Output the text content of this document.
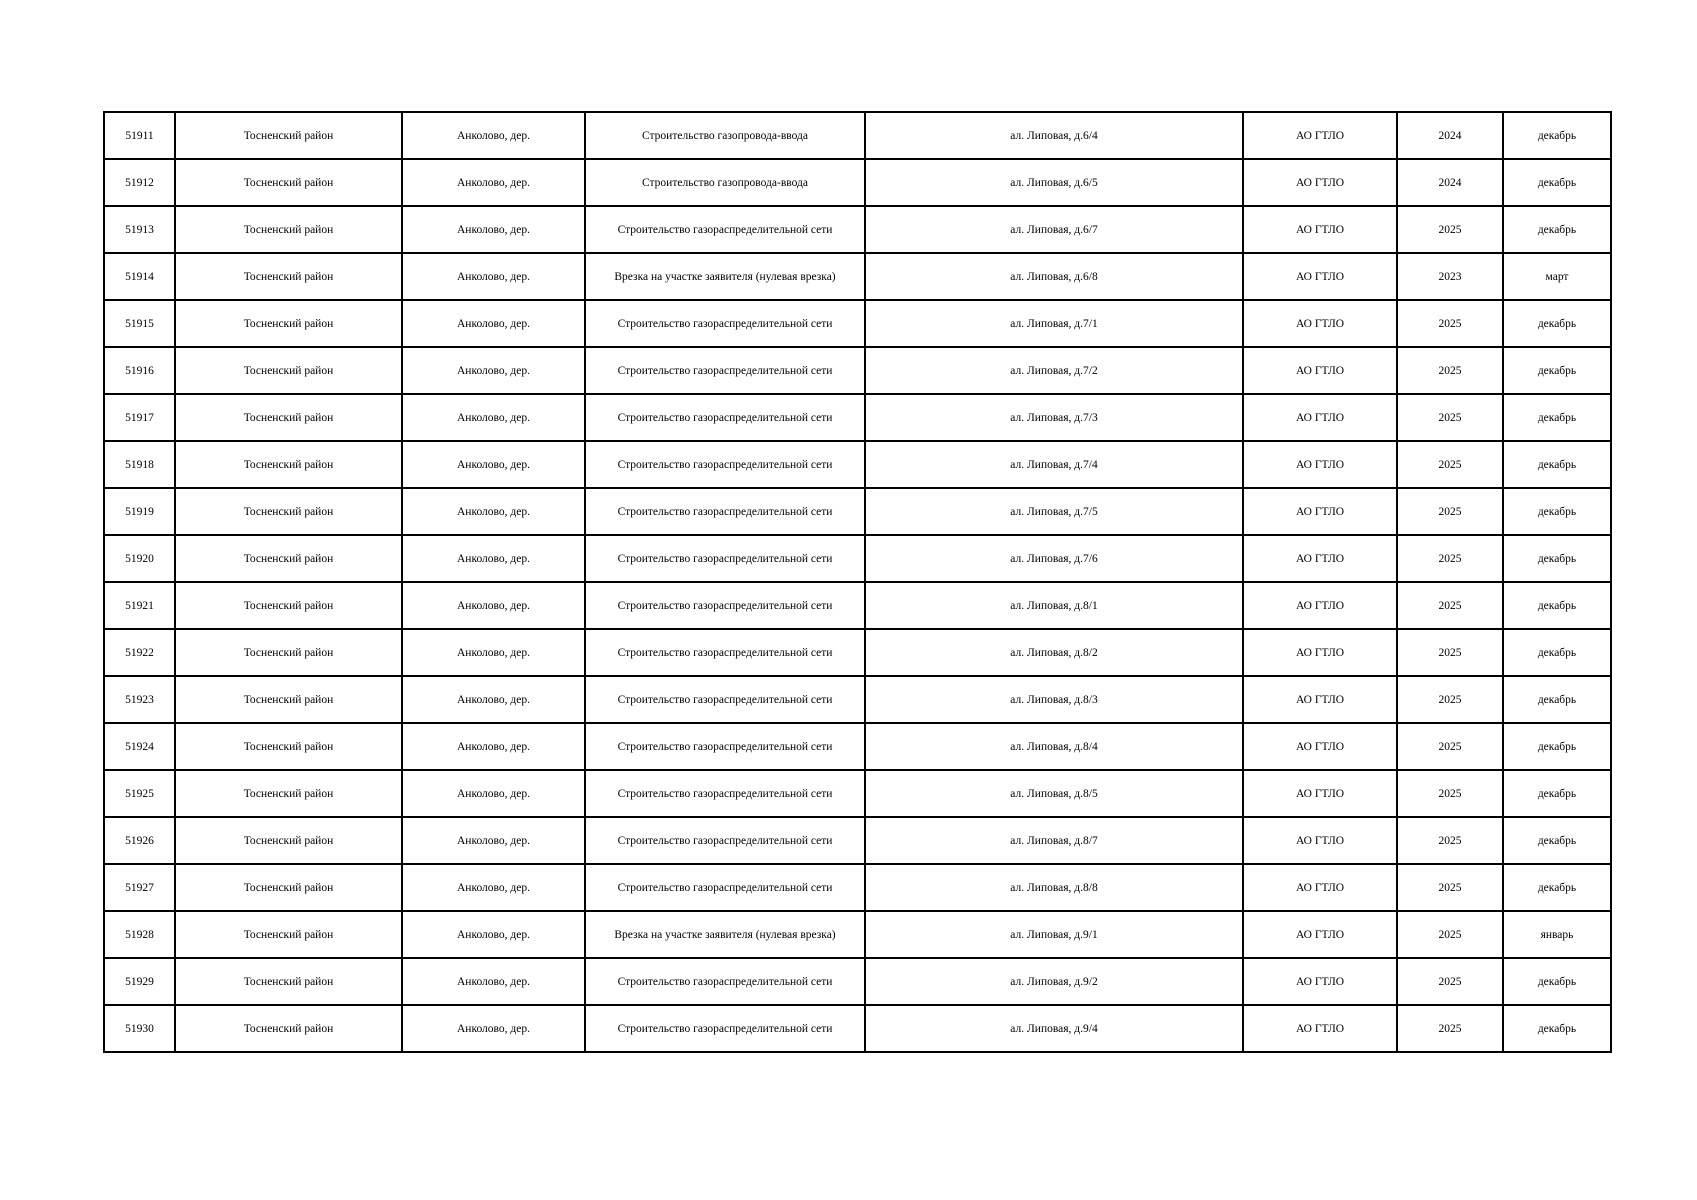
51911	Тосненский район	Анколово, дер.	Строительство газопровода-ввода	ал. Липовая, д.6/4	АО ГТЛО	2024	декабрь
51912	Тосненский район	Анколово, дер.	Строительство газопровода-ввода	ал. Липовая, д.6/5	АО ГТЛО	2024	декабрь
51913	Тосненский район	Анколово, дер.	Строительство газораспределительной сети	ал. Липовая, д.6/7	АО ГТЛО	2025	декабрь
51914	Тосненский район	Анколово, дер.	Врезка на участке заявителя (нулевая врезка)	ал. Липовая, д.6/8	АО ГТЛО	2023	март
51915	Тосненский район	Анколово, дер.	Строительство газораспределительной сети	ал. Липовая, д.7/1	АО ГТЛО	2025	декабрь
51916	Тосненский район	Анколово, дер.	Строительство газораспределительной сети	ал. Липовая, д.7/2	АО ГТЛО	2025	декабрь
51917	Тосненский район	Анколово, дер.	Строительство газораспределительной сети	ал. Липовая, д.7/3	АО ГТЛО	2025	декабрь
51918	Тосненский район	Анколово, дер.	Строительство газораспределительной сети	ал. Липовая, д.7/4	АО ГТЛО	2025	декабрь
51919	Тосненский район	Анколово, дер.	Строительство газораспределительной сети	ал. Липовая, д.7/5	АО ГТЛО	2025	декабрь
51920	Тосненский район	Анколово, дер.	Строительство газораспределительной сети	ал. Липовая, д.7/6	АО ГТЛО	2025	декабрь
51921	Тосненский район	Анколово, дер.	Строительство газораспределительной сети	ал. Липовая, д.8/1	АО ГТЛО	2025	декабрь
51922	Тосненский район	Анколово, дер.	Строительство газораспределительной сети	ал. Липовая, д.8/2	АО ГТЛО	2025	декабрь
51923	Тосненский район	Анколово, дер.	Строительство газораспределительной сети	ал. Липовая, д.8/3	АО ГТЛО	2025	декабрь
51924	Тосненский район	Анколово, дер.	Строительство газораспределительной сети	ал. Липовая, д.8/4	АО ГТЛО	2025	декабрь
51925	Тосненский район	Анколово, дер.	Строительство газораспределительной сети	ал. Липовая, д.8/5	АО ГТЛО	2025	декабрь
51926	Тосненский район	Анколово, дер.	Строительство газораспределительной сети	ал. Липовая, д.8/7	АО ГТЛО	2025	декабрь
51927	Тосненский район	Анколово, дер.	Строительство газораспределительной сети	ал. Липовая, д.8/8	АО ГТЛО	2025	декабрь
51928	Тосненский район	Анколово, дер.	Врезка на участке заявителя (нулевая врезка)	ал. Липовая, д.9/1	АО ГТЛО	2025	январь
51929	Тосненский район	Анколово, дер.	Строительство газораспределительной сети	ал. Липовая, д.9/2	АО ГТЛО	2025	декабрь
51930	Тосненский район	Анколово, дер.	Строительство газораспределительной сети	ал. Липовая, д.9/4	АО ГТЛО	2025	декабрь
